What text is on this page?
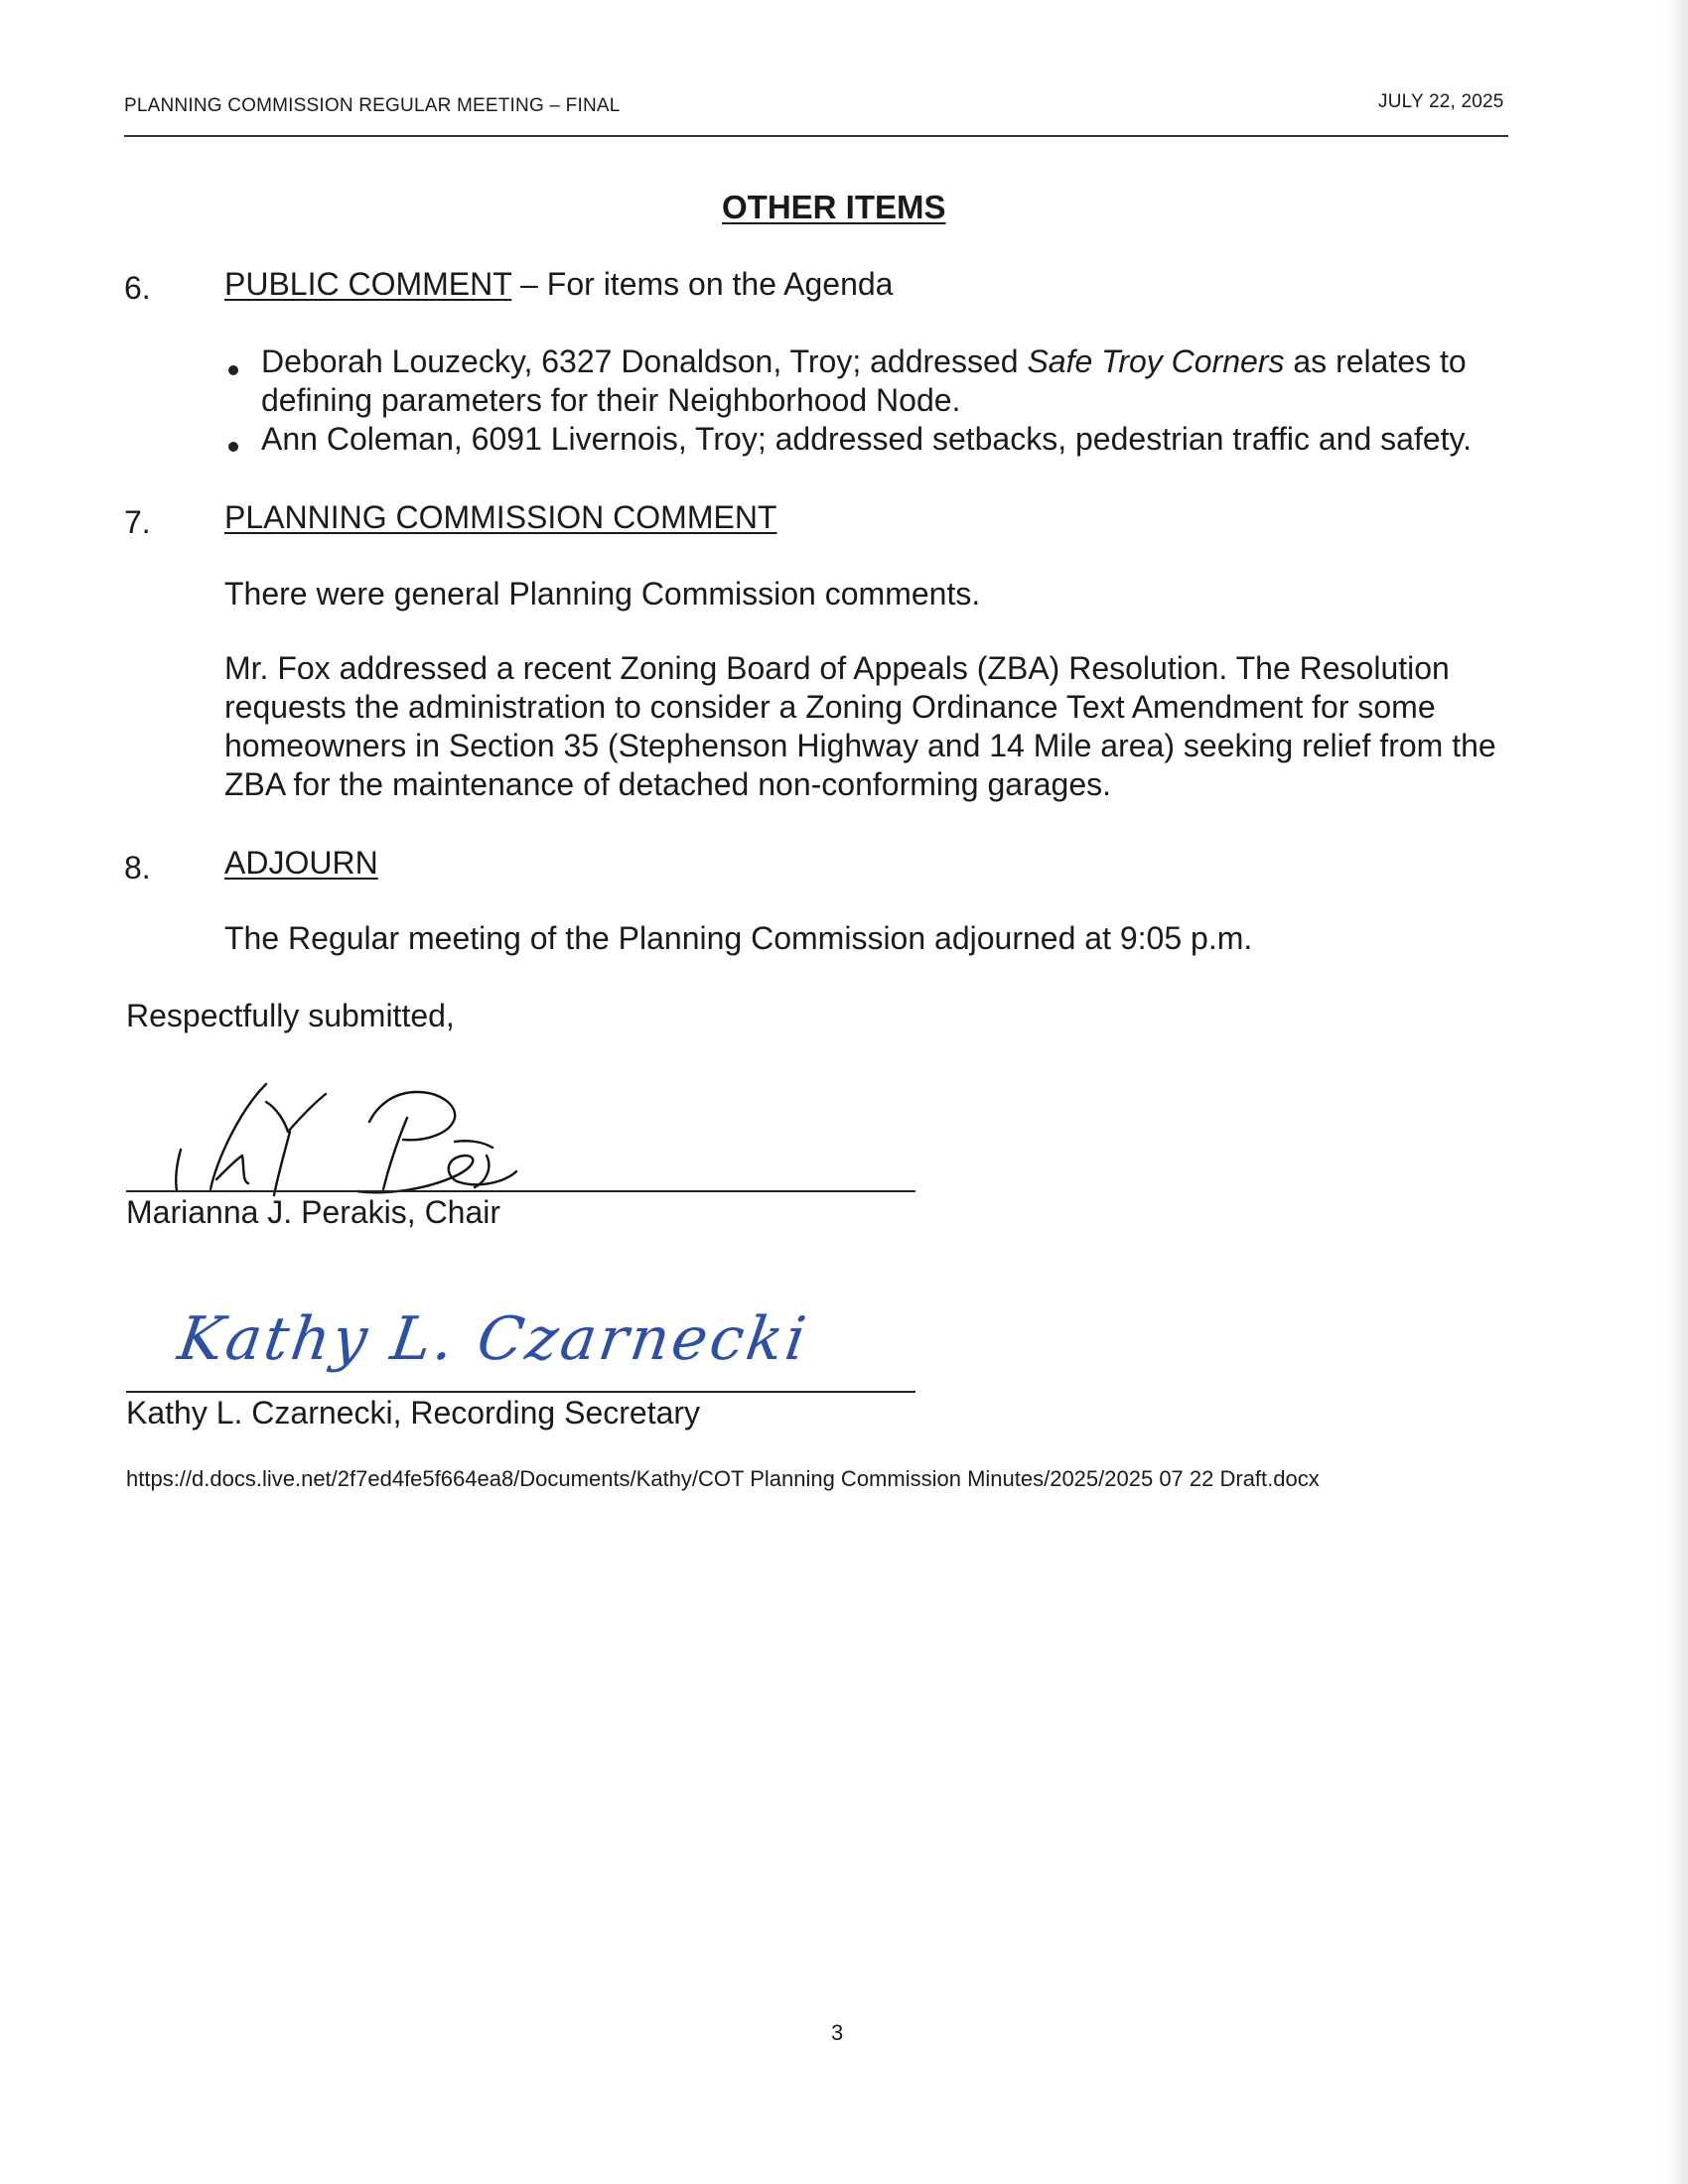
PLANNING COMMISSION REGULAR MEETING – FINAL	JULY 22, 2025
OTHER ITEMS
6. PUBLIC COMMENT – For items on the Agenda
Deborah Louzecky, 6327 Donaldson, Troy; addressed Safe Troy Corners as relates to
defining parameters for their Neighborhood Node.
Ann Coleman, 6091 Livernois, Troy; addressed setbacks, pedestrian traffic and safety.
7. PLANNING COMMISSION COMMENT
There were general Planning Commission comments.
Mr. Fox addressed a recent Zoning Board of Appeals (ZBA) Resolution. The Resolution
requests the administration to consider a Zoning Ordinance Text Amendment for some
homeowners in Section 35 (Stephenson Highway and 14 Mile area) seeking relief from the
ZBA for the maintenance of detached non-conforming garages.
8. ADJOURN
The Regular meeting of the Planning Commission adjourned at 9:05 p.m.
Respectfully submitted,
Marianna J. Perakis, Chair
Kathy L. Czarnecki
Kathy L. Czarnecki, Recording Secretary
https://d.docs.live.net/2f7ed4fe5f664ea8/Documents/Kathy/COT Planning Commission Minutes/2025/2025 07 22 Draft.docx
3
